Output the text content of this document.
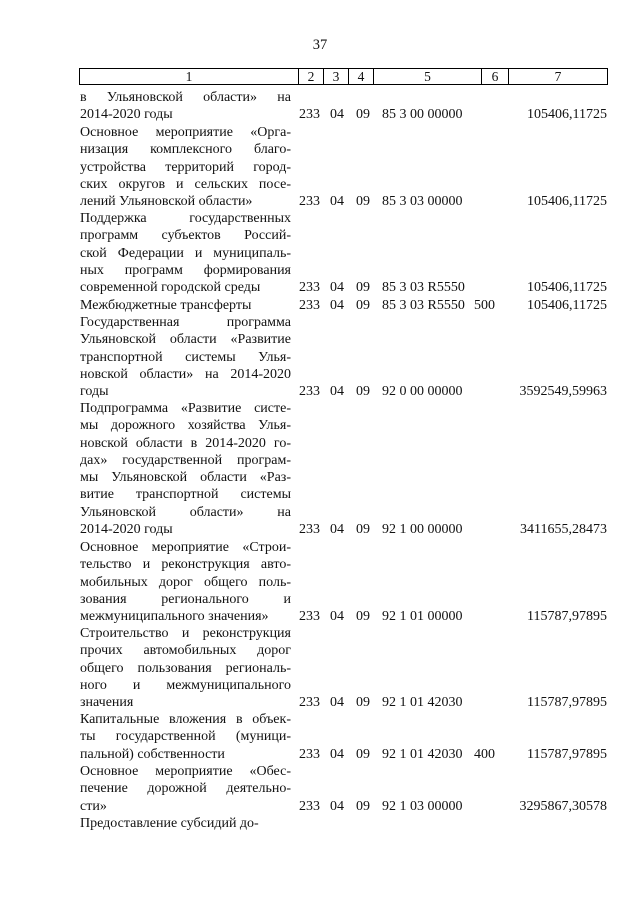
37
1	2	3	4	5	6	7
в Ульяновской области» на
2014-2020 годы	233 04 09 85 3 00 00000	105406,11725
Основное мероприятие «Орга-
низация комплексного благо-
устройства территорий город-
ских округов и сельских посе-
лений Ульяновской области»	233 04 09 85 3 03 00000	105406,11725
Поддержка государственных
программ субъектов Россий-
ской Федерации и муниципаль-
ных программ формирования
современной городской среды	233 04 09 85 3 03 R5550	105406,11725
Межбюджетные трансферты	233 04 09 85 3 03 R5550 500 105406,11725
Государственная программа
Ульяновской области «Развитие
транспортной системы Улья-
новской области» на 2014-2020
годы	233 04 09 92 0 00 00000	3592549,59963
Подпрограмма «Развитие систе-
мы дорожного хозяйства Улья-
новской области в 2014-2020 го-
дах» государственной програм-
мы Ульяновской области «Раз-
витие транспортной системы
Ульяновской области» на
2014-2020 годы	233 04 09 92 1 00 00000	3411655,28473
Основное мероприятие «Строи-
тельство и реконструкция авто-
мобильных дорог общего поль-
зования регионального и
межмуниципального значения»	233 04 09 92 1 01 00000	115787,97895
Строительство и реконструкция
прочих автомобильных дорог
общего пользования региональ-
ного и межмуниципального
значения	233 04 09 92 1 01 42030	115787,97895
Капитальные вложения в объек-
ты государственной (муници-
пальной) собственности	233 04 09 92 1 01 42030 400 115787,97895
Основное мероприятие «Обес-
печение дорожной деятельно-
сти»	233 04 09 92 1 03 00000	3295867,30578
Предоставление субсидий до-
